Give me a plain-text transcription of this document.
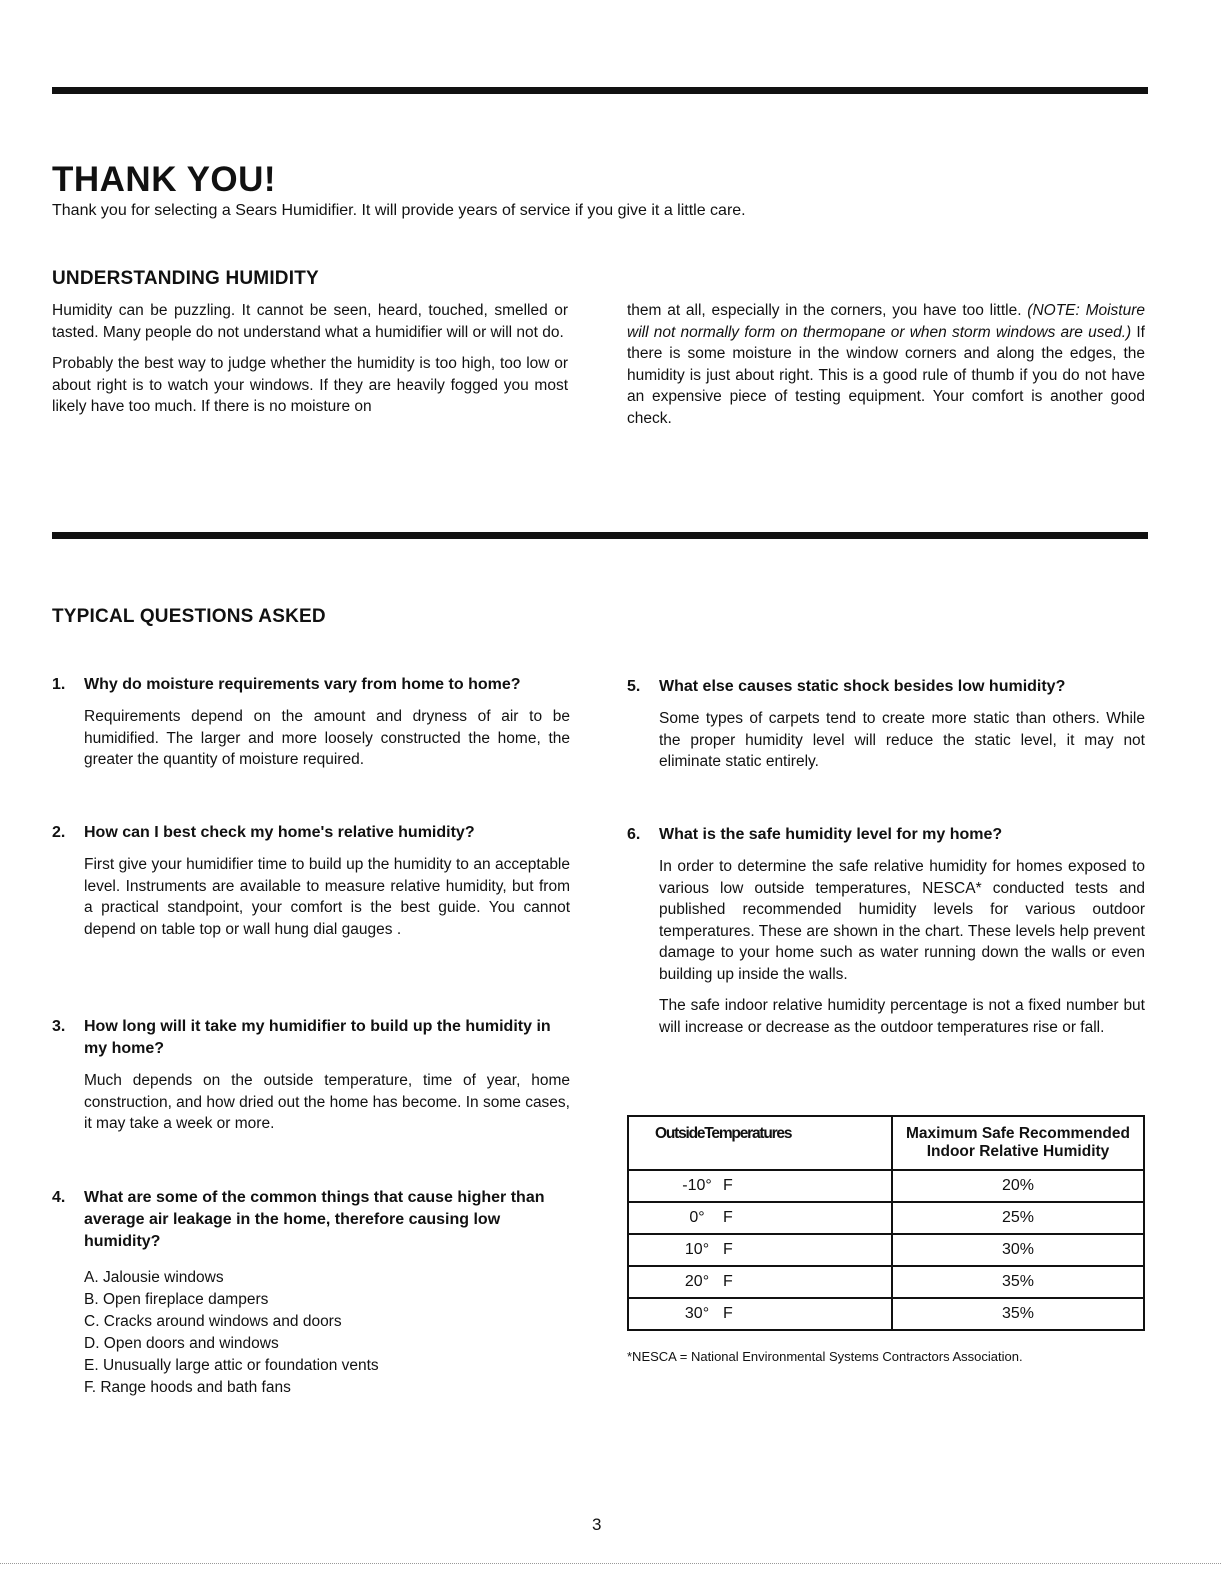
THANK YOU!
Thank you for selecting a Sears Humidifier. It will provide years of service if you give it a little care.
UNDERSTANDING HUMIDITY

Humidity can be puzzling. It cannot be seen, heard, touched, smelled or tasted. Many people do not understand what a humidifier will or will not do.

Probably the best way to judge whether the humidity is too high, too low or about right is to watch your windows. If they are heavily fogged you most likely have too much. If there is no moisture on

them at all, especially in the corners, you have too little. (NOTE: Moisture will not normally form on thermopane or when storm windows are used.) If there is some moisture in the window corners and along the edges, the humidity is just about right. This is a good rule of thumb if you do not have an expensive piece of testing equipment. Your comfort is another good check.

TYPICAL QUESTIONS ASKED
1.	Why do moisture requirements vary from home to home?

Requirements depend on the amount and dryness of air to be humidified. The larger and more loosely constructed the home, the greater the quantity of moisture required.

2.	How can I best check my home's relative humidity?

First give your humidifier time to build up the humidity to an acceptable level. Instruments are available to measure relative humidity, but from a practical standpoint, your comfort is the best guide. You cannot depend on table top or wall hung dial gauges .

3.	How long will it take my humidifier to build up the humidity in my home?

Much depends on the outside temperature, time of year, home construction, and how dried out the home has become. In some cases, it may take a week or more.

4.	What are some of the common things that cause higher than average air leakage in the home, therefore causing low humidity?
A. Jalousie windows
B. Open fireplace dampers
C. Cracks around windows and doors
D. Open doors and windows
E. Unusually large attic or foundation vents
F. Range hoods and bath fans
5.	What else causes static shock besides low humidity?

Some types of carpets tend to create more static than others. While the proper humidity level will reduce the static level, it may not eliminate static entirely.

6.	What is the safe humidity level for my home?

In order to determine the safe relative humidity for homes exposed to various low outside temperatures, NESCA* conducted tests and published recommended humidity levels for various outdoor temperatures. These are shown in the chart. These levels help prevent damage to your home such as water running down the walls or even building up inside the walls.

The safe indoor relative humidity percentage is not a fixed number but will increase or decrease as the outdoor temperatures rise or fall.

OutsideTemperatures	Maximum Safe Recommended Indoor Relative Humidity

-10° F	20%

0° F	25%

10° F	30%

20° F	35%

30° F	35%
*NESCA = National Environmental Systems Contractors Association.
3
